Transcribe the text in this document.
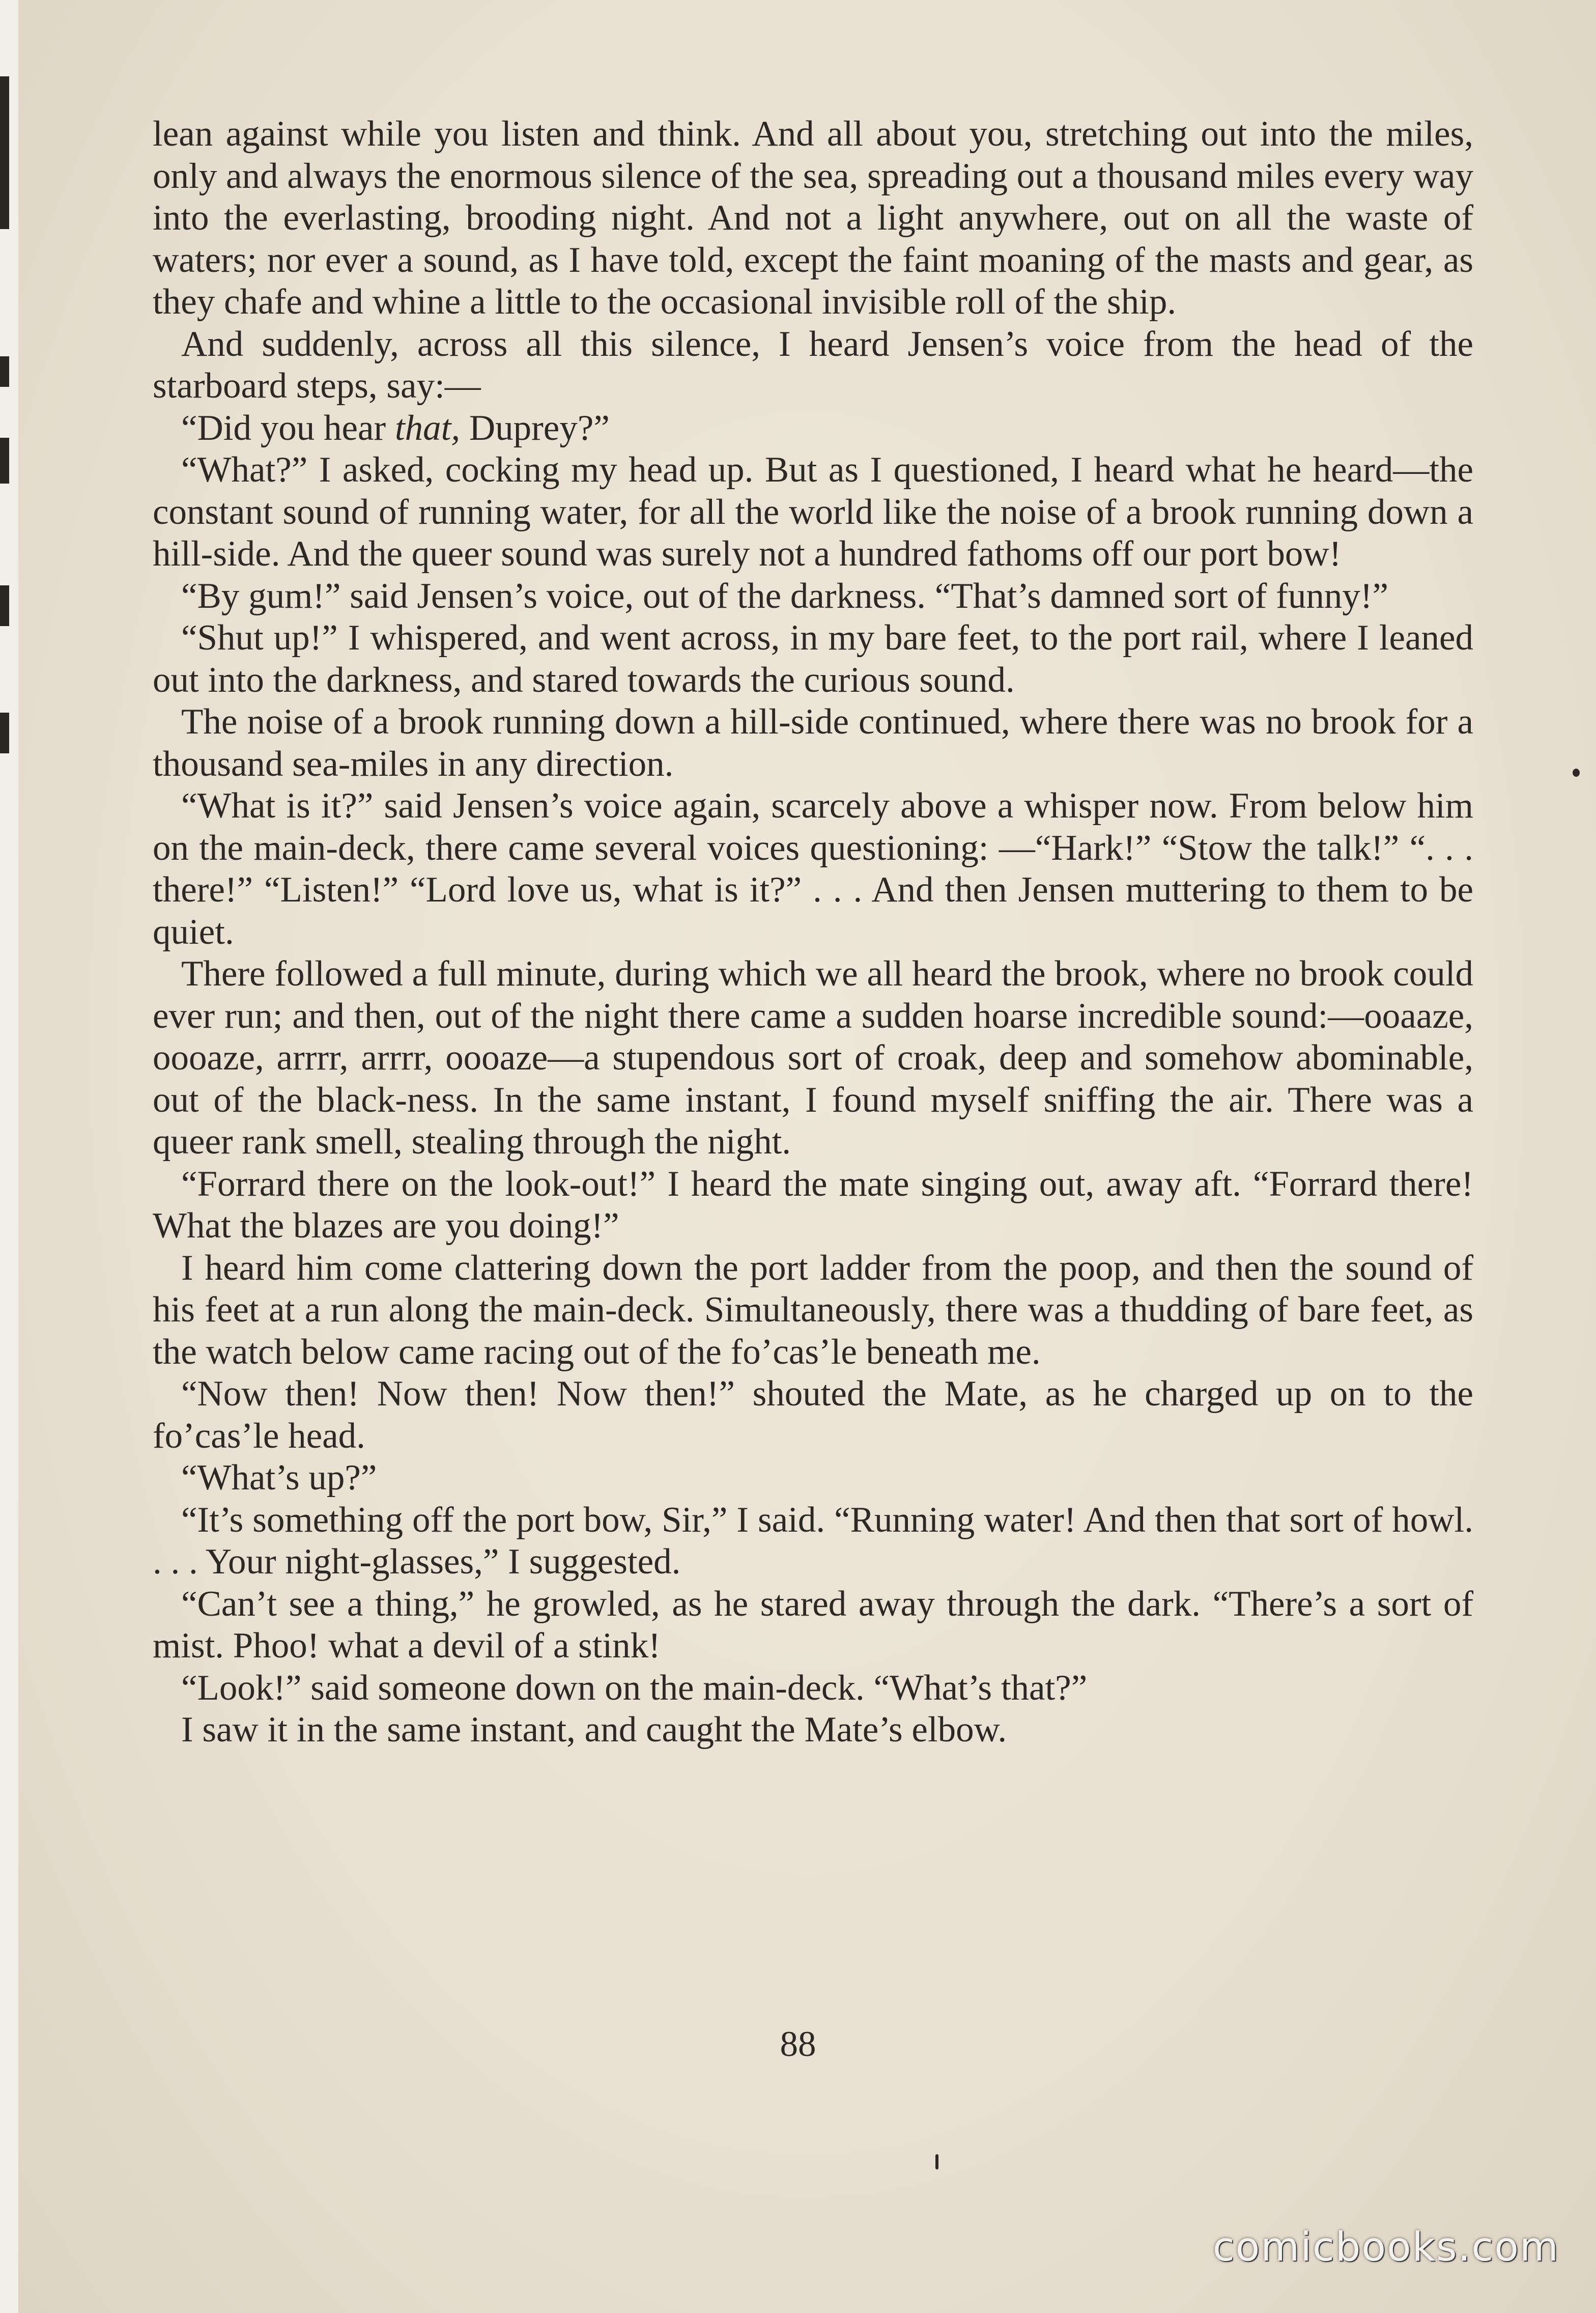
lean against while you listen and think. And all about you, stretching out into the miles, only and always the enormous silence of the sea, spreading out a thousand miles every way into the everlasting, brooding night. And not a light anywhere, out on all the waste of waters; nor ever a sound, as I have told, except the faint moaning of the masts and gear, as they chafe and whine a little to the occasional invisible roll of the ship.

And suddenly, across all this silence, I heard Jensen’s voice from the head of the starboard steps, say:—

“Did you hear that, Duprey?”

“What?” I asked, cocking my head up. But as I questioned, I heard what he heard—the constant sound of running water, for all the world like the noise of a brook running down a hill-side. And the queer sound was surely not a hundred fathoms off our port bow!

“By gum!” said Jensen’s voice, out of the darkness. “That’s damned sort of funny!”

“Shut up!” I whispered, and went across, in my bare feet, to the port rail, where I leaned out into the darkness, and stared towards the curious sound.

The noise of a brook running down a hill-side continued, where there was no brook for a thousand sea-miles in any direction.

“What is it?” said Jensen’s voice again, scarcely above a whisper now. From below him on the main-deck, there came several voices questioning: —“Hark!” “Stow the talk!” “. . . there!” “Listen!” “Lord love us, what is it?” . . . And then Jensen muttering to them to be quiet.

There followed a full minute, during which we all heard the brook, where no brook could ever run; and then, out of the night there came a sudden hoarse incredible sound:—ooaaze, oooaze, arrrr, arrrr, oooaze—a stupendous sort of croak, deep and somehow abominable, out of the black-ness. In the same instant, I found myself sniffing the air. There was a queer rank smell, stealing through the night.

“Forrard there on the look-out!” I heard the mate singing out, away aft. “Forrard there! What the blazes are you doing!”

I heard him come clattering down the port ladder from the poop, and then the sound of his feet at a run along the main-deck. Simultaneously, there was a thudding of bare feet, as the watch below came racing out of the fo’cas’le beneath me.

“Now then! Now then! Now then!” shouted the Mate, as he charged up on to the fo’cas’le head.

“What’s up?”

“It’s something off the port bow, Sir,” I said. “Running water! And then that sort of howl. . . . Your night-glasses,” I suggested.

“Can’t see a thing,” he growled, as he stared away through the dark. “There’s a sort of mist. Phoo! what a devil of a stink!

“Look!” said someone down on the main-deck. “What’s that?”

I saw it in the same instant, and caught the Mate’s elbow.

88
comicbooks.com
